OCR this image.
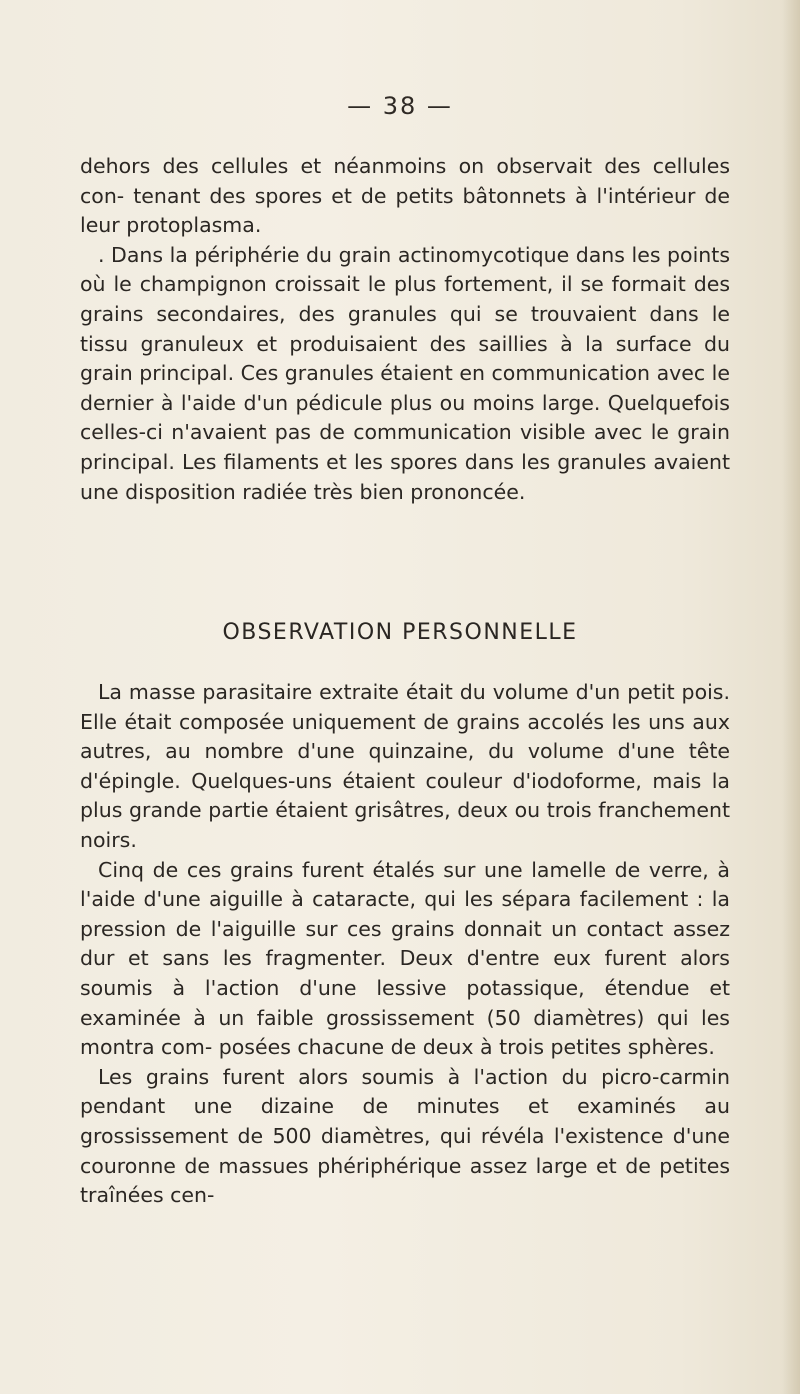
— 38 —

dehors des cellules et néanmoins on observait des cellules con- tenant des spores et de petits bâtonnets à l'intérieur de leur protoplasma.

. Dans la périphérie du grain actinomycotique dans les points où le champignon croissait le plus fortement, il se formait des grains secondaires, des granules qui se trouvaient dans le tissu granuleux et produisaient des saillies à la surface du grain principal. Ces granules étaient en communication avec le dernier à l'aide d'un pédicule plus ou moins large. Quelquefois celles-ci n'avaient pas de communication visible avec le grain principal. Les filaments et les spores dans les granules avaient une disposition radiée très bien prononcée.

OBSERVATION PERSONNELLE

La masse parasitaire extraite était du volume d'un petit pois. Elle était composée uniquement de grains accolés les uns aux autres, au nombre d'une quinzaine, du volume d'une tête d'épingle. Quelques-uns étaient couleur d'iodoforme, mais la plus grande partie étaient grisâtres, deux ou trois franchement noirs.

Cinq de ces grains furent étalés sur une lamelle de verre, à l'aide d'une aiguille à cataracte, qui les sépara facilement : la pression de l'aiguille sur ces grains donnait un contact assez dur et sans les fragmenter. Deux d'entre eux furent alors soumis à l'action d'une lessive potassique, étendue et examinée à un faible grossissement (50 diamètres) qui les montra com- posées chacune de deux à trois petites sphères.

Les grains furent alors soumis à l'action du picro-carmin pendant une dizaine de minutes et examinés au grossissement de 500 diamètres, qui révéla l'existence d'une couronne de massues phériphérique assez large et de petites traînées cen-
